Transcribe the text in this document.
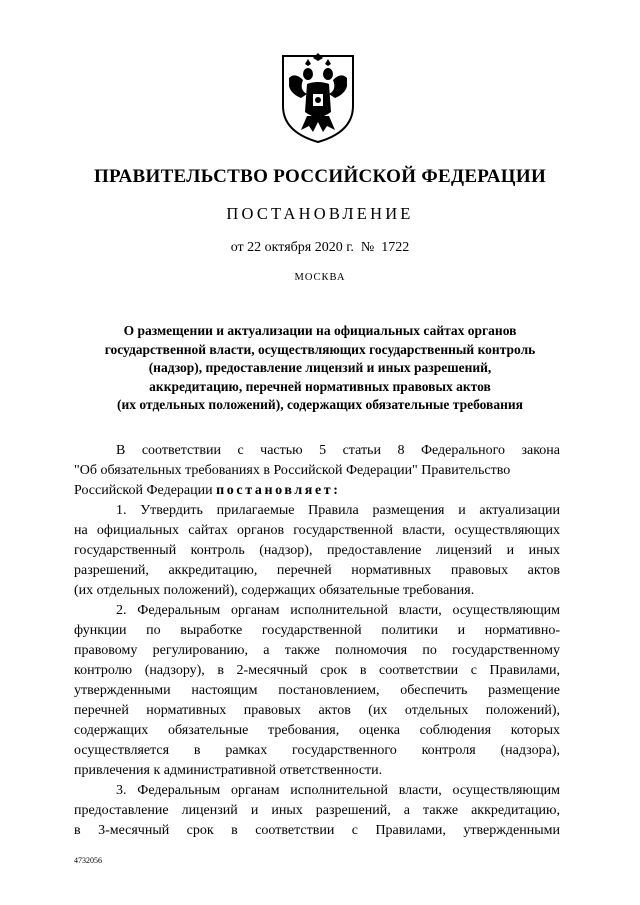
ПРАВИТЕЛЬСТВО РОССИЙСКОЙ ФЕДЕРАЦИИ
ПОСТАНОВЛЕНИЕ
от 22 октября 2020 г.  №  1722
МОСКВА
О размещении и актуализации на официальных сайтах органов
государственной власти, осуществляющих государственный контроль
(надзор), предоставление лицензий и иных разрешений,
аккредитацию, перечней нормативных правовых актов
(их отдельных положений), содержащих обязательные требования
В соответствии с частью 5 статьи 8 Федерального закона
"Об обязательных требованиях в Российской Федерации" Правительство
Российской Федерации постановляет:
1. Утвердить прилагаемые Правила размещения и актуализации
на официальных сайтах органов государственной власти, осуществляющих
государственный контроль (надзор), предоставление лицензий и иных
разрешений, аккредитацию, перечней нормативных правовых актов
(их отдельных положений), содержащих обязательные требования.
2. Федеральным органам исполнительной власти, осуществляющим
функции по выработке государственной политики и нормативно-
правовому регулированию, а также полномочия по государственному
контролю (надзору), в 2-месячный срок в соответствии с Правилами,
утвержденными настоящим постановлением, обеспечить размещение
перечней нормативных правовых актов (их отдельных положений),
содержащих обязательные требования, оценка соблюдения которых
осуществляется в рамках государственного контроля (надзора),
привлечения к административной ответственности.
3. Федеральным органам исполнительной власти, осуществляющим
предоставление лицензий и иных разрешений, а также аккредитацию,
в 3-месячный срок в соответствии с Правилами, утвержденными
4732056
